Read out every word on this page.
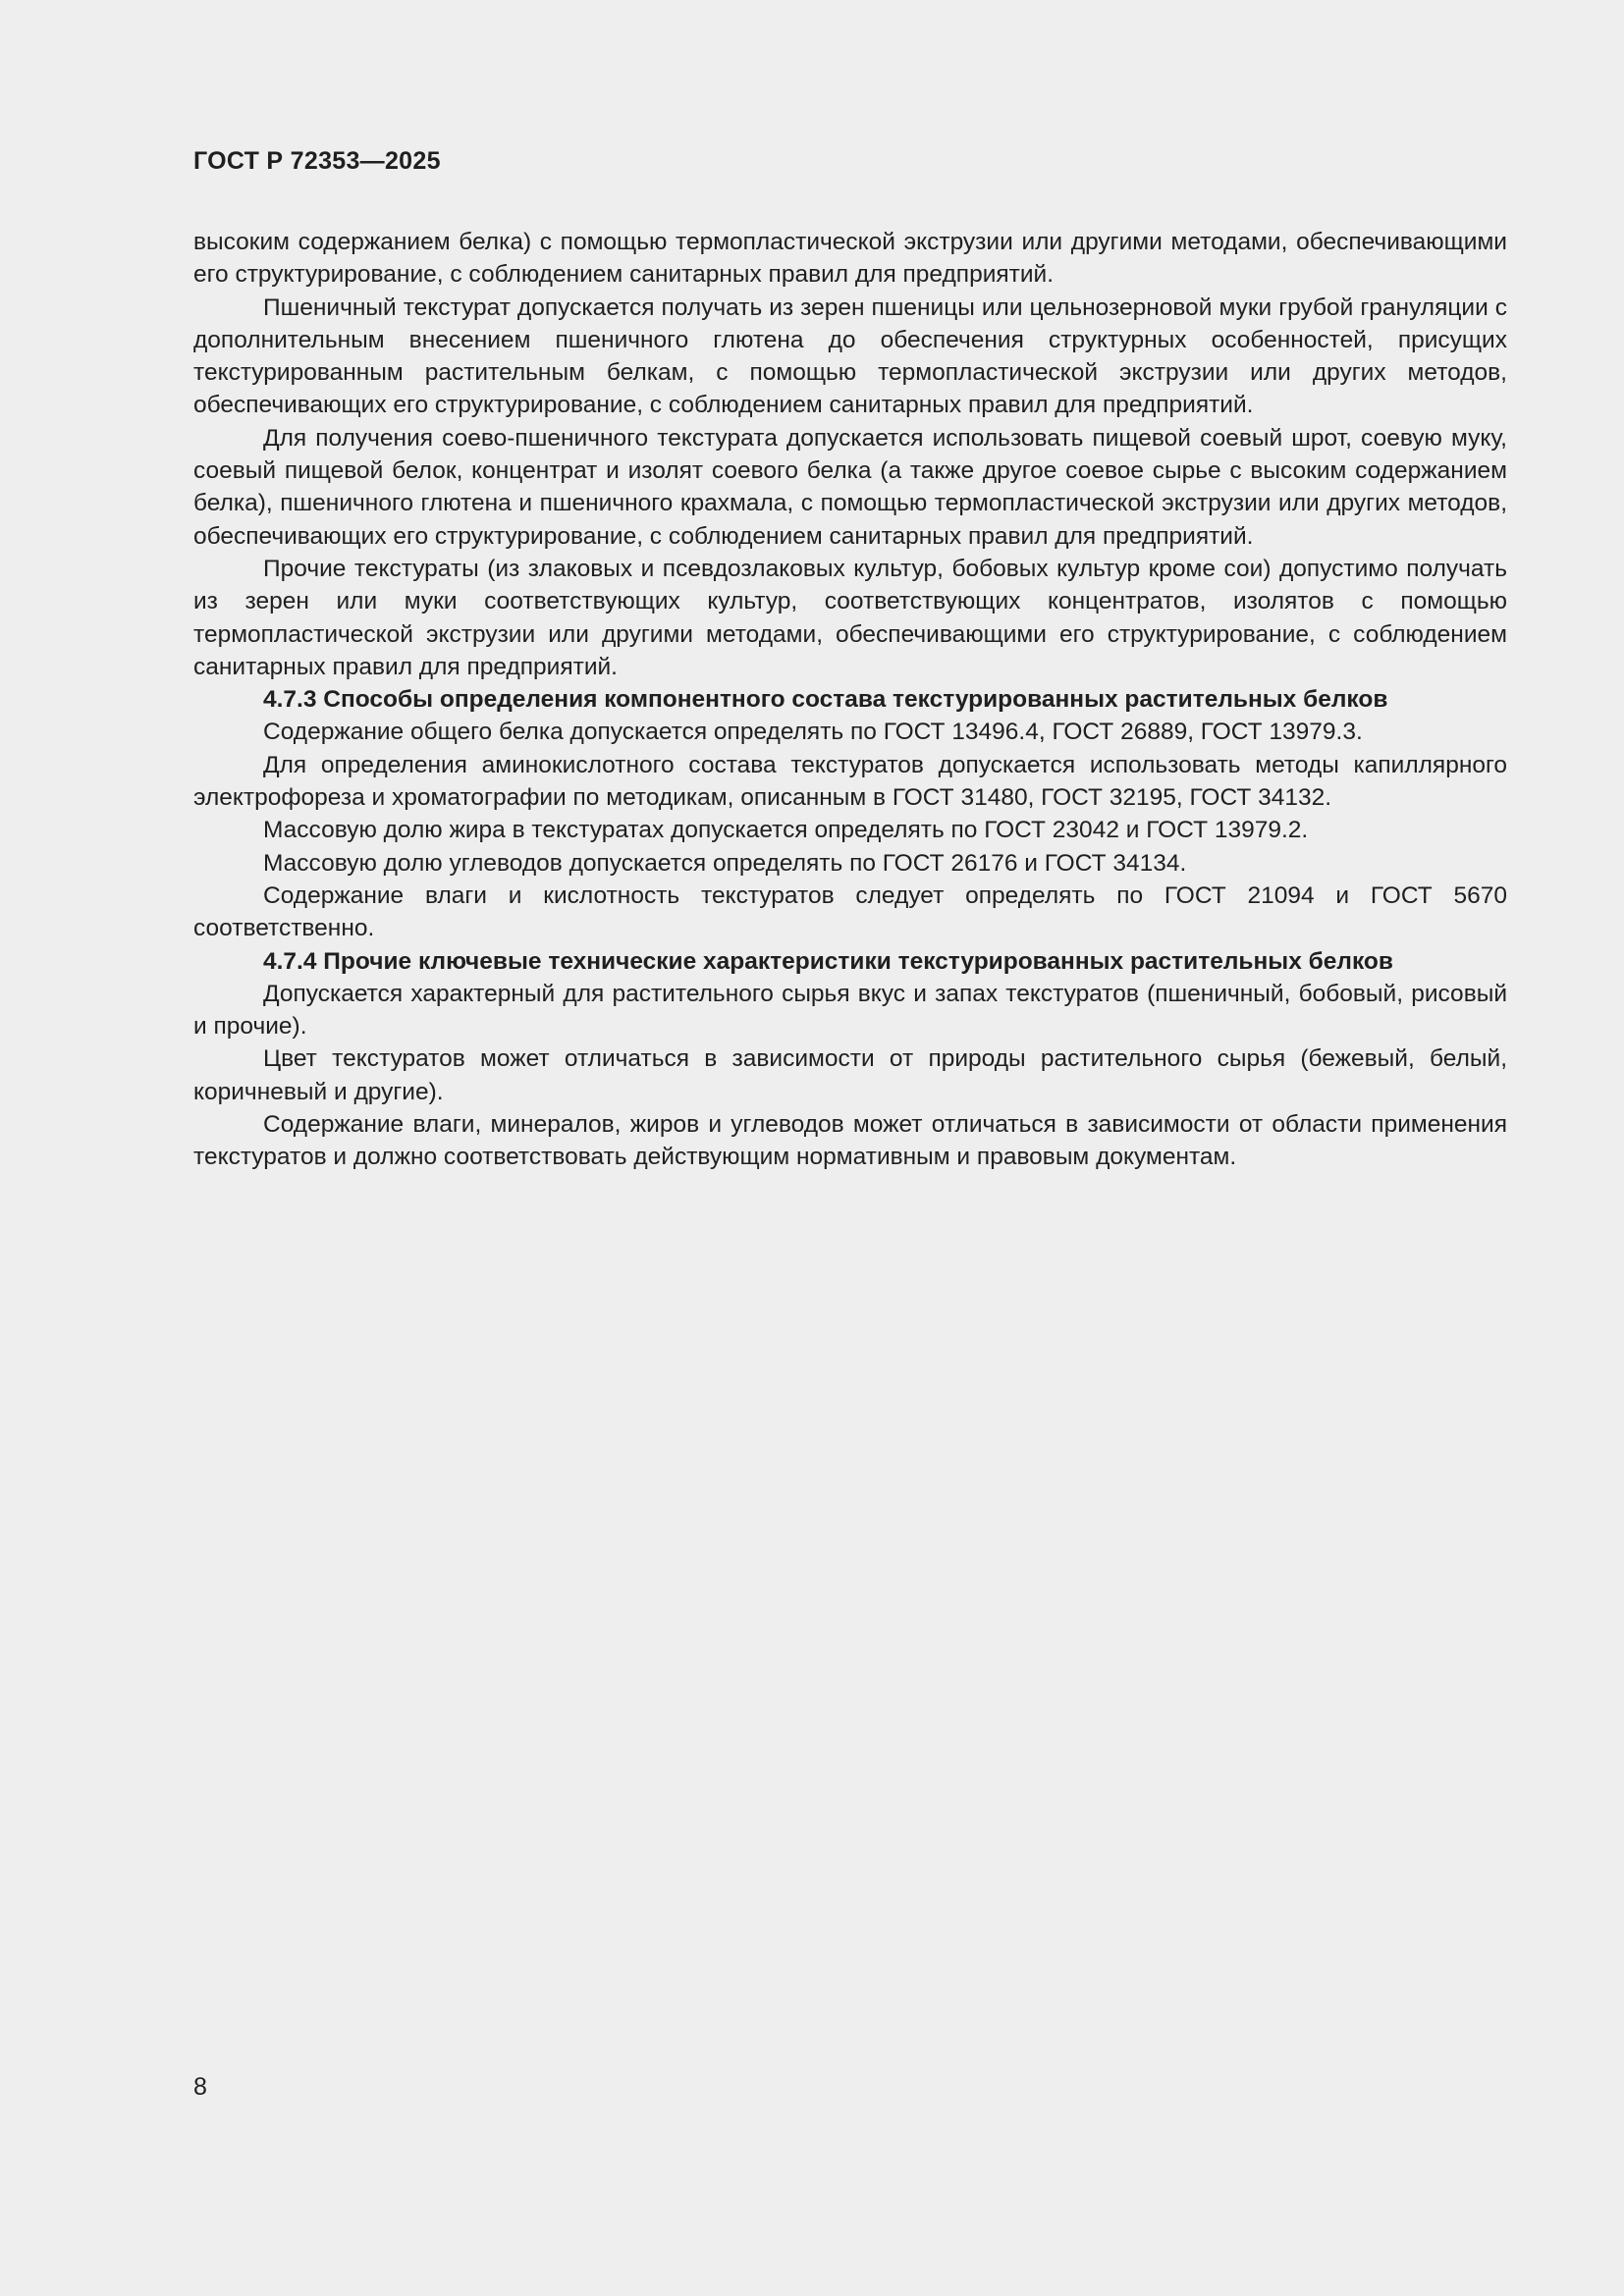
ГОСТ Р 72353—2025

высоким содержанием белка) с помощью термопластической экструзии или другими методами, обеспечивающими его структурирование, с соблюдением санитарных правил для предприятий.

Пшеничный текстурат допускается получать из зерен пшеницы или цельнозерновой муки грубой грануляции с дополнительным внесением пшеничного глютена до обеспечения структурных особенностей, присущих текстурированным растительным белкам, с помощью термопластической экструзии или других методов, обеспечивающих его структурирование, с соблюдением санитарных правил для предприятий.

Для получения соево-пшеничного текстурата допускается использовать пищевой соевый шрот, соевую муку, соевый пищевой белок, концентрат и изолят соевого белка (а также другое соевое сырье с высоким содержанием белка), пшеничного глютена и пшеничного крахмала, с помощью термопластической экструзии или других методов, обеспечивающих его структурирование, с соблюдением санитарных правил для предприятий.

Прочие текстураты (из злаковых и псевдозлаковых культур, бобовых культур кроме сои) допустимо получать из зерен или муки соответствующих культур, соответствующих концентратов, изолятов с помощью термопластической экструзии или другими методами, обеспечивающими его структурирование, с соблюдением санитарных правил для предприятий.

4.7.3 Способы определения компонентного состава текстурированных растительных белков

Содержание общего белка допускается определять по ГОСТ 13496.4, ГОСТ 26889, ГОСТ 13979.3.

Для определения аминокислотного состава текстуратов допускается использовать методы капиллярного электрофореза и хроматографии по методикам, описанным в ГОСТ 31480, ГОСТ 32195, ГОСТ 34132.

Массовую долю жира в текстуратах допускается определять по ГОСТ 23042 и ГОСТ 13979.2.

Массовую долю углеводов допускается определять по ГОСТ 26176 и ГОСТ 34134.

Содержание влаги и кислотность текстуратов следует определять по ГОСТ 21094 и ГОСТ 5670 соответственно.

4.7.4 Прочие ключевые технические характеристики текстурированных растительных белков

Допускается характерный для растительного сырья вкус и запах текстуратов (пшеничный, бобовый, рисовый и прочие).

Цвет текстуратов может отличаться в зависимости от природы растительного сырья (бежевый, белый, коричневый и другие).

Содержание влаги, минералов, жиров и углеводов может отличаться в зависимости от области применения текстуратов и должно соответствовать действующим нормативным и правовым документам.

8
